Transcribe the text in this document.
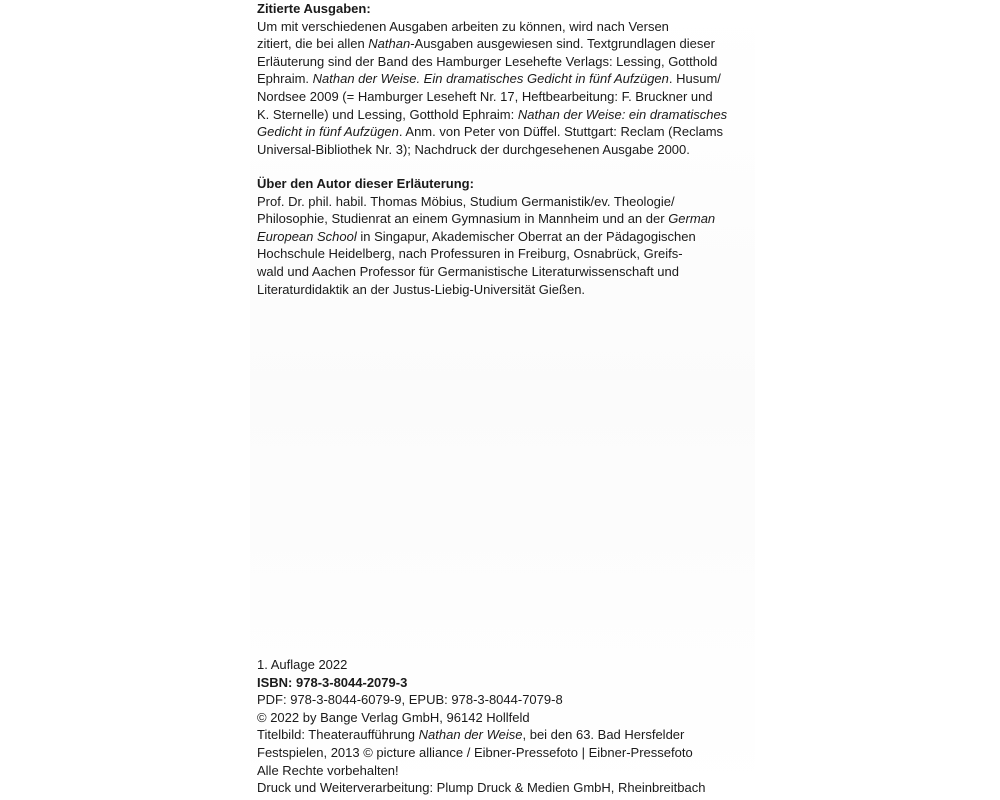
Zitierte Ausgaben:
Um mit verschiedenen Ausgaben arbeiten zu können, wird nach Versen
zitiert, die bei allen Nathan-Ausgaben ausgewiesen sind. Textgrundlagen dieser
Erläuterung sind der Band des Hamburger Lesehefte Verlags: Lessing, Gotthold
Ephraim. Nathan der Weise. Ein dramatisches Gedicht in fünf Aufzügen. Husum/
Nordsee 2009 (= Hamburger Leseheft Nr. 17, Heftbearbeitung: F. Bruckner und
K. Sternelle) und Lessing, Gotthold Ephraim: Nathan der Weise: ein dramatisches
Gedicht in fünf Aufzügen. Anm. von Peter von Düffel. Stuttgart: Reclam (Reclams
Universal-Bibliothek Nr. 3); Nachdruck der durchgesehenen Ausgabe 2000.
Über den Autor dieser Erläuterung:
Prof. Dr. phil. habil. Thomas Möbius, Studium Germanistik/ev. Theologie/
Philosophie, Studienrat an einem Gymnasium in Mannheim und an der German
European School in Singapur, Akademischer Oberrat an der Pädagogischen
Hochschule Heidelberg, nach Professuren in Freiburg, Osnabrück, Greifs-
wald und Aachen Professor für Germanistische Literaturwissenschaft und
Literaturdidaktik an der Justus-Liebig-Universität Gießen.
1. Auflage 2022
ISBN: 978-3-8044-2079-3
PDF: 978-3-8044-6079-9, EPUB: 978-3-8044-7079-8
© 2022 by Bange Verlag GmbH, 96142 Hollfeld
Titelbild: Theateraufführung Nathan der Weise, bei den 63. Bad Hersfelder
Festspielen, 2013 © picture alliance / Eibner-Pressefoto | Eibner-Pressefoto
Alle Rechte vorbehalten!
Druck und Weiterverarbeitung: Plump Druck & Medien GmbH, Rheinbreitbach
